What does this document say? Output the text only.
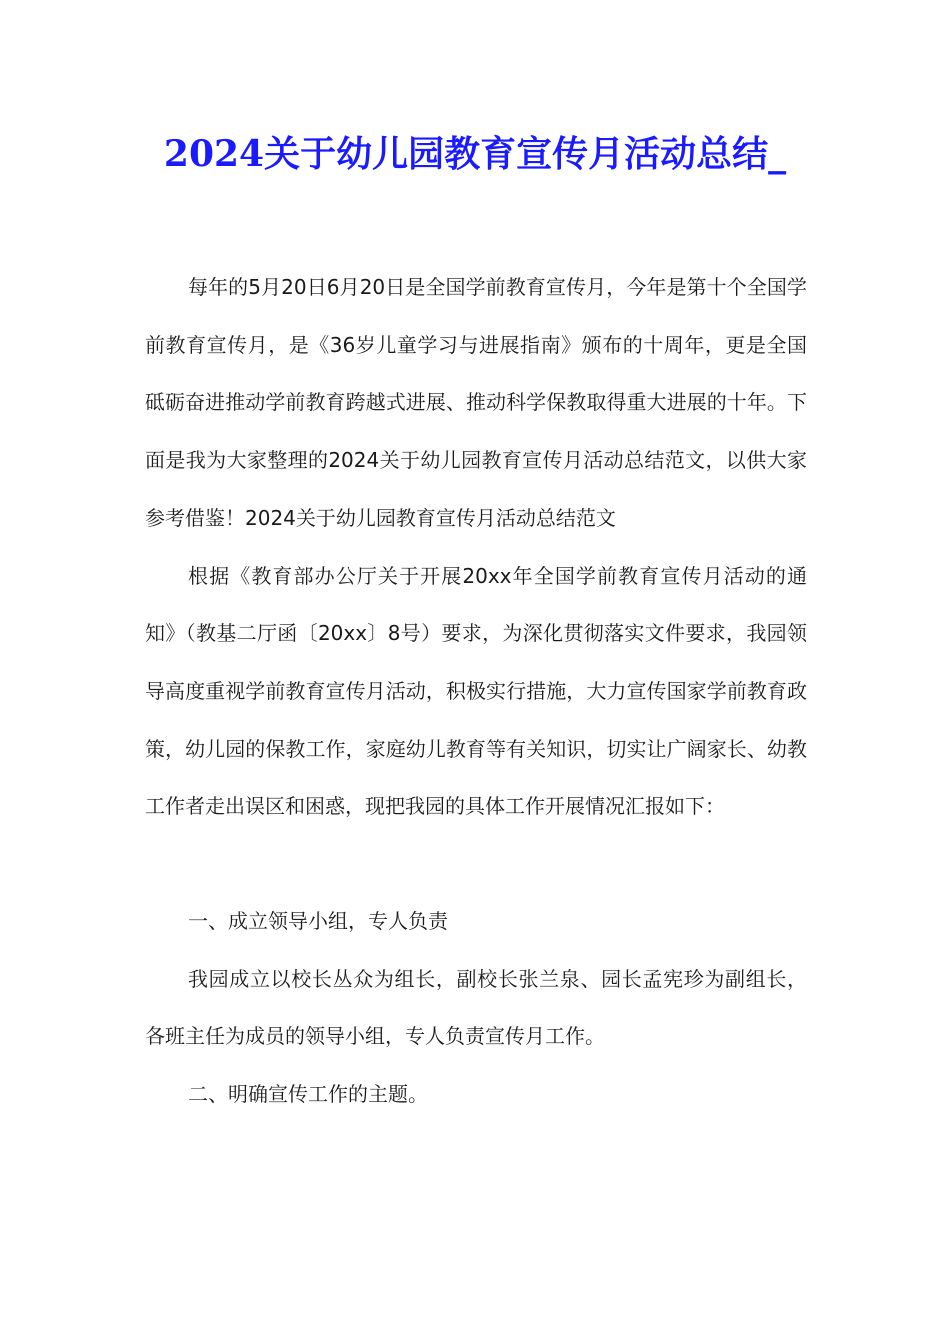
2024关于幼儿园教育宣传月活动总结_

每年的5月20日6月20日是全国学前教育宣传月，今年是第十个全国学前教育宣传月，是《36岁儿童学习与进展指南》颁布的十周年，更是全国砥砺奋进推动学前教育跨越式进展、推动科学保教取得重大进展的十年。下面是我为大家整理的2024关于幼儿园教育宣传月活动总结范文，以供大家参考借鉴！2024关于幼儿园教育宣传月活动总结范文

根据《教育部办公厅关于开展20xx年全国学前教育宣传月活动的通知》（教基二厅函〔20xx〕8号）要求，为深化贯彻落实文件要求，我园领导高度重视学前教育宣传月活动，积极实行措施，大力宣传国家学前教育政策，幼儿园的保教工作，家庭幼儿教育等有关知识，切实让广阔家长、幼教工作者走出误区和困惑，现把我园的具体工作开展情况汇报如下：

一、成立领导小组，专人负责

我园成立以校长丛众为组长，副校长张兰泉、园长孟宪珍为副组长，各班主任为成员的领导小组，专人负责宣传月工作。

二、明确宣传工作的主题。
